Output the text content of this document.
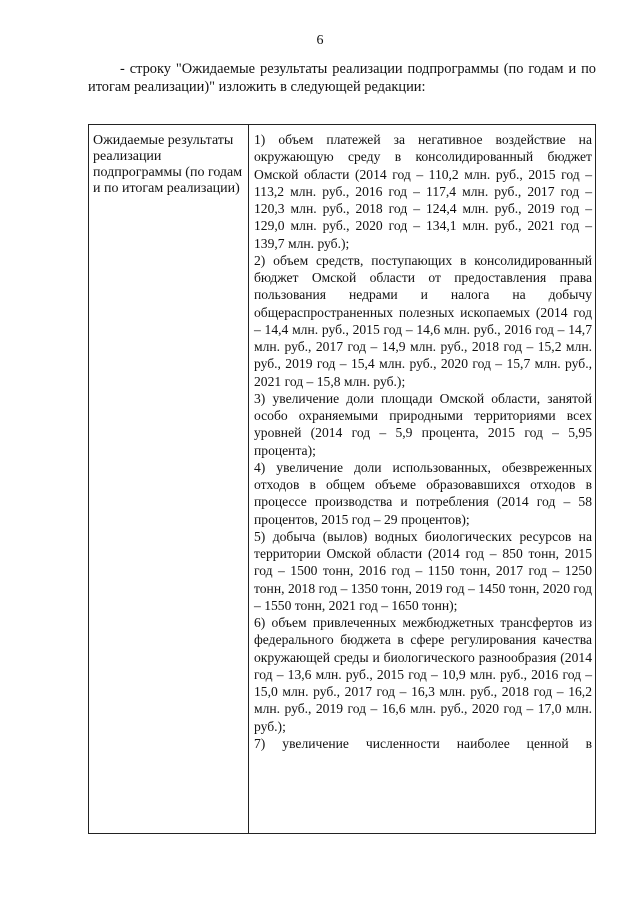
6

- строку "Ожидаемые результаты реализации подпрограммы (по годам и по итогам реализации)" изложить в следующей редакции:

Ожидаемые результаты реализации подпрограммы (по годам и по итогам реализации)

1) объем платежей за негативное воздействие на окружающую среду в консолидированный бюджет Омской области (2014 год – 110,2 млн. руб., 2015 год – 113,2 млн. руб., 2016 год – 117,4 млн. руб., 2017 год – 120,3 млн. руб., 2018 год – 124,4 млн. руб., 2019 год – 129,0 млн. руб., 2020 год – 134,1 млн. руб., 2021 год – 139,7 млн. руб.);

2) объем средств, поступающих в консолидированный бюджет Омской области от предоставления права пользования недрами и налога на добычу общераспространенных полезных ископаемых (2014 год – 14,4 млн. руб., 2015 год – 14,6 млн. руб., 2016 год – 14,7 млн. руб., 2017 год – 14,9 млн. руб., 2018 год – 15,2 млн. руб., 2019 год – 15,4 млн. руб., 2020 год – 15,7 млн. руб., 2021 год – 15,8 млн. руб.);

3) увеличение доли площади Омской области, занятой особо охраняемыми природными территориями всех уровней (2014 год – 5,9 процента, 2015 год – 5,95 процента);

4) увеличение доли использованных, обезвреженных отходов в общем объеме образовавшихся отходов в процессе производства и потребления (2014 год – 58 процентов, 2015 год – 29 процентов);

5) добыча (вылов) водных биологических ресурсов на территории Омской области (2014 год – 850 тонн, 2015 год – 1500 тонн, 2016 год – 1150 тонн, 2017 год – 1250 тонн, 2018 год – 1350 тонн, 2019 год – 1450 тонн, 2020 год – 1550 тонн, 2021 год – 1650 тонн);

6) объем привлеченных межбюджетных трансфертов из федерального бюджета в сфере регулирования качества окружающей среды и биологического разнообразия (2014 год – 13,6 млн. руб., 2015 год – 10,9 млн. руб., 2016 год – 15,0 млн. руб., 2017 год – 16,3 млн. руб., 2018 год – 16,2 млн. руб., 2019 год – 16,6 млн. руб., 2020 год – 17,0 млн. руб.);

7) увеличение численности наиболее ценной в
